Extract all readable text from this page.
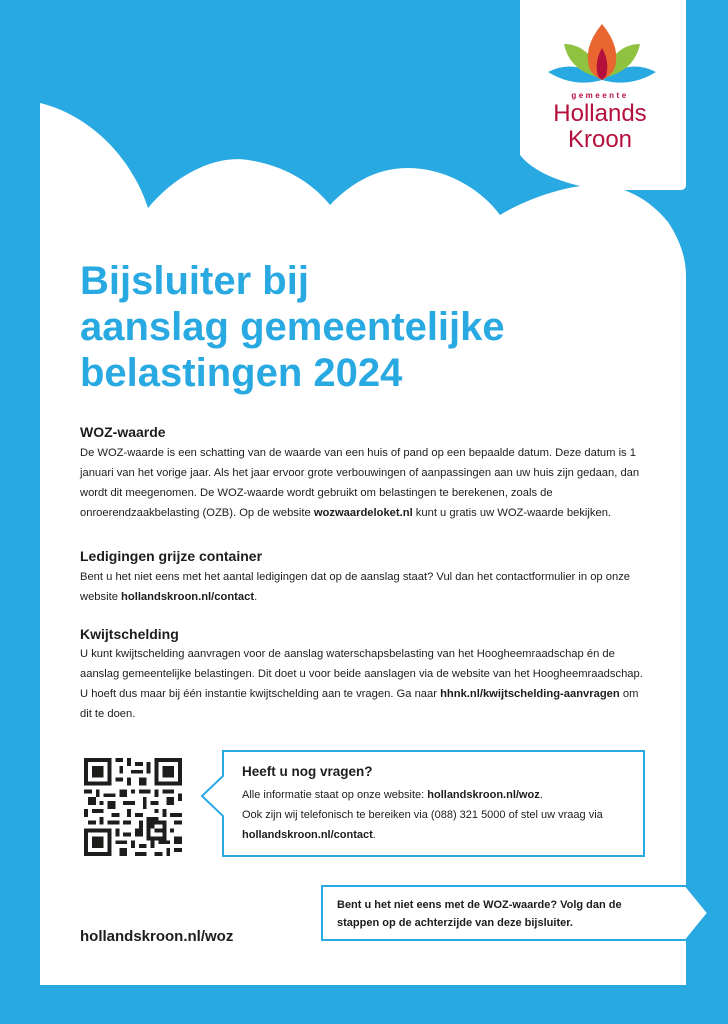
gemeente
Hollands
Kroon
Bijsluiter bij
aanslag gemeentelijke
belastingen 2024
WOZ-waarde

De WOZ-waarde is een schatting van de waarde van een huis of pand op een bepaalde datum. Deze datum is 1 januari van het vorige jaar. Als het jaar ervoor grote verbouwingen of aanpassingen aan uw huis zijn gedaan, dan wordt dit meegenomen. De WOZ-waarde wordt gebruikt om belastingen te berekenen, zoals de onroerendzaakbelasting (OZB). Op de website wozwaardeloket.nl kunt u gratis uw WOZ-waarde bekijken.

Ledigingen grijze container

Bent u het niet eens met het aantal ledigingen dat op de aanslag staat? Vul dan het contactformulier in op onze website hollandskroon.nl/contact.

Kwijtschelding

U kunt kwijtschelding aanvragen voor de aanslag waterschapsbelasting van het Hoogheemraadschap én de aanslag gemeentelijke belastingen. Dit doet u voor beide aanslagen via de website van het Hoogheemraadschap. U hoeft dus maar bij één instantie kwijtschelding aan te vragen. Ga naar hhnk.nl/kwijtschelding-aanvragen om dit te doen.

Heeft u nog vragen?

Alle informatie staat op onze website: hollandskroon.nl/woz.

Ook zijn wij telefonisch te bereiken via (088) 321 5000 of stel uw vraag via hollandskroon.nl/contact.

Bent u het niet eens met de WOZ-waarde? Volg dan de stappen op de achterzijde van deze bijsluiter.
hollandskroon.nl/woz
